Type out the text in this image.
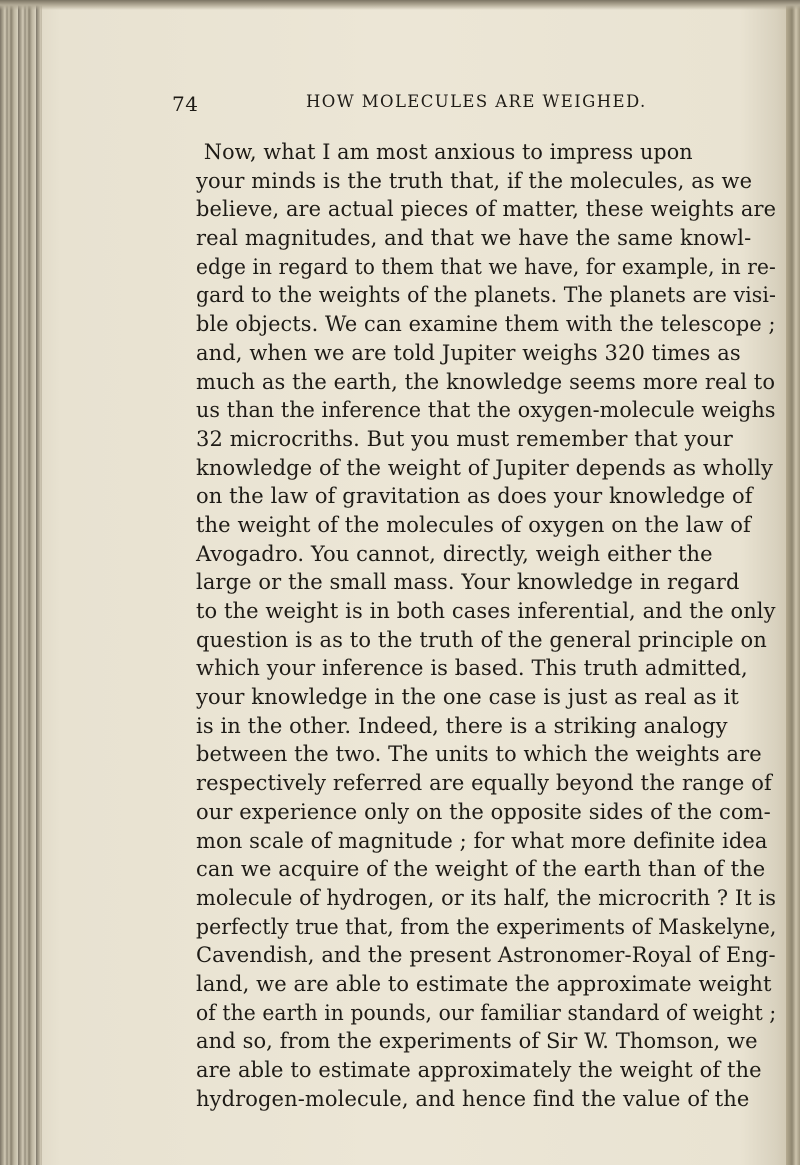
74	HOW MOLECULES ARE WEIGHED.
Now, what I am most anxious to impress upon
your minds is the truth that, if the molecules, as we
believe, are actual pieces of matter, these weights are
real magnitudes, and that we have the same knowl-
edge in regard to them that we have, for example, in re-
gard to the weights of the planets. The planets are visi-
ble objects. We can examine them with the telescope ;
and, when we are told Jupiter weighs 320 times as
much as the earth, the knowledge seems more real to
us than the inference that the oxygen-molecule weighs
32 microcriths. But you must remember that your
knowledge of the weight of Jupiter depends as wholly
on the law of gravitation as does your knowledge of
the weight of the molecules of oxygen on the law of
Avogadro. You cannot, directly, weigh either the
large or the small mass. Your knowledge in regard
to the weight is in both cases inferential, and the only
question is as to the truth of the general principle on
which your inference is based. This truth admitted,
your knowledge in the one case is just as real as it
is in the other. Indeed, there is a striking analogy
between the two. The units to which the weights are
respectively referred are equally beyond the range of
our experience only on the opposite sides of the com-
mon scale of magnitude ; for what more definite idea
can we acquire of the weight of the earth than of the
molecule of hydrogen, or its half, the microcrith ? It is
perfectly true that, from the experiments of Maskelyne,
Cavendish, and the present Astronomer-Royal of Eng-
land, we are able to estimate the approximate weight
of the earth in pounds, our familiar standard of weight ;
and so, from the experiments of Sir W. Thomson, we
are able to estimate approximately the weight of the
hydrogen-molecule, and hence find the value of the
